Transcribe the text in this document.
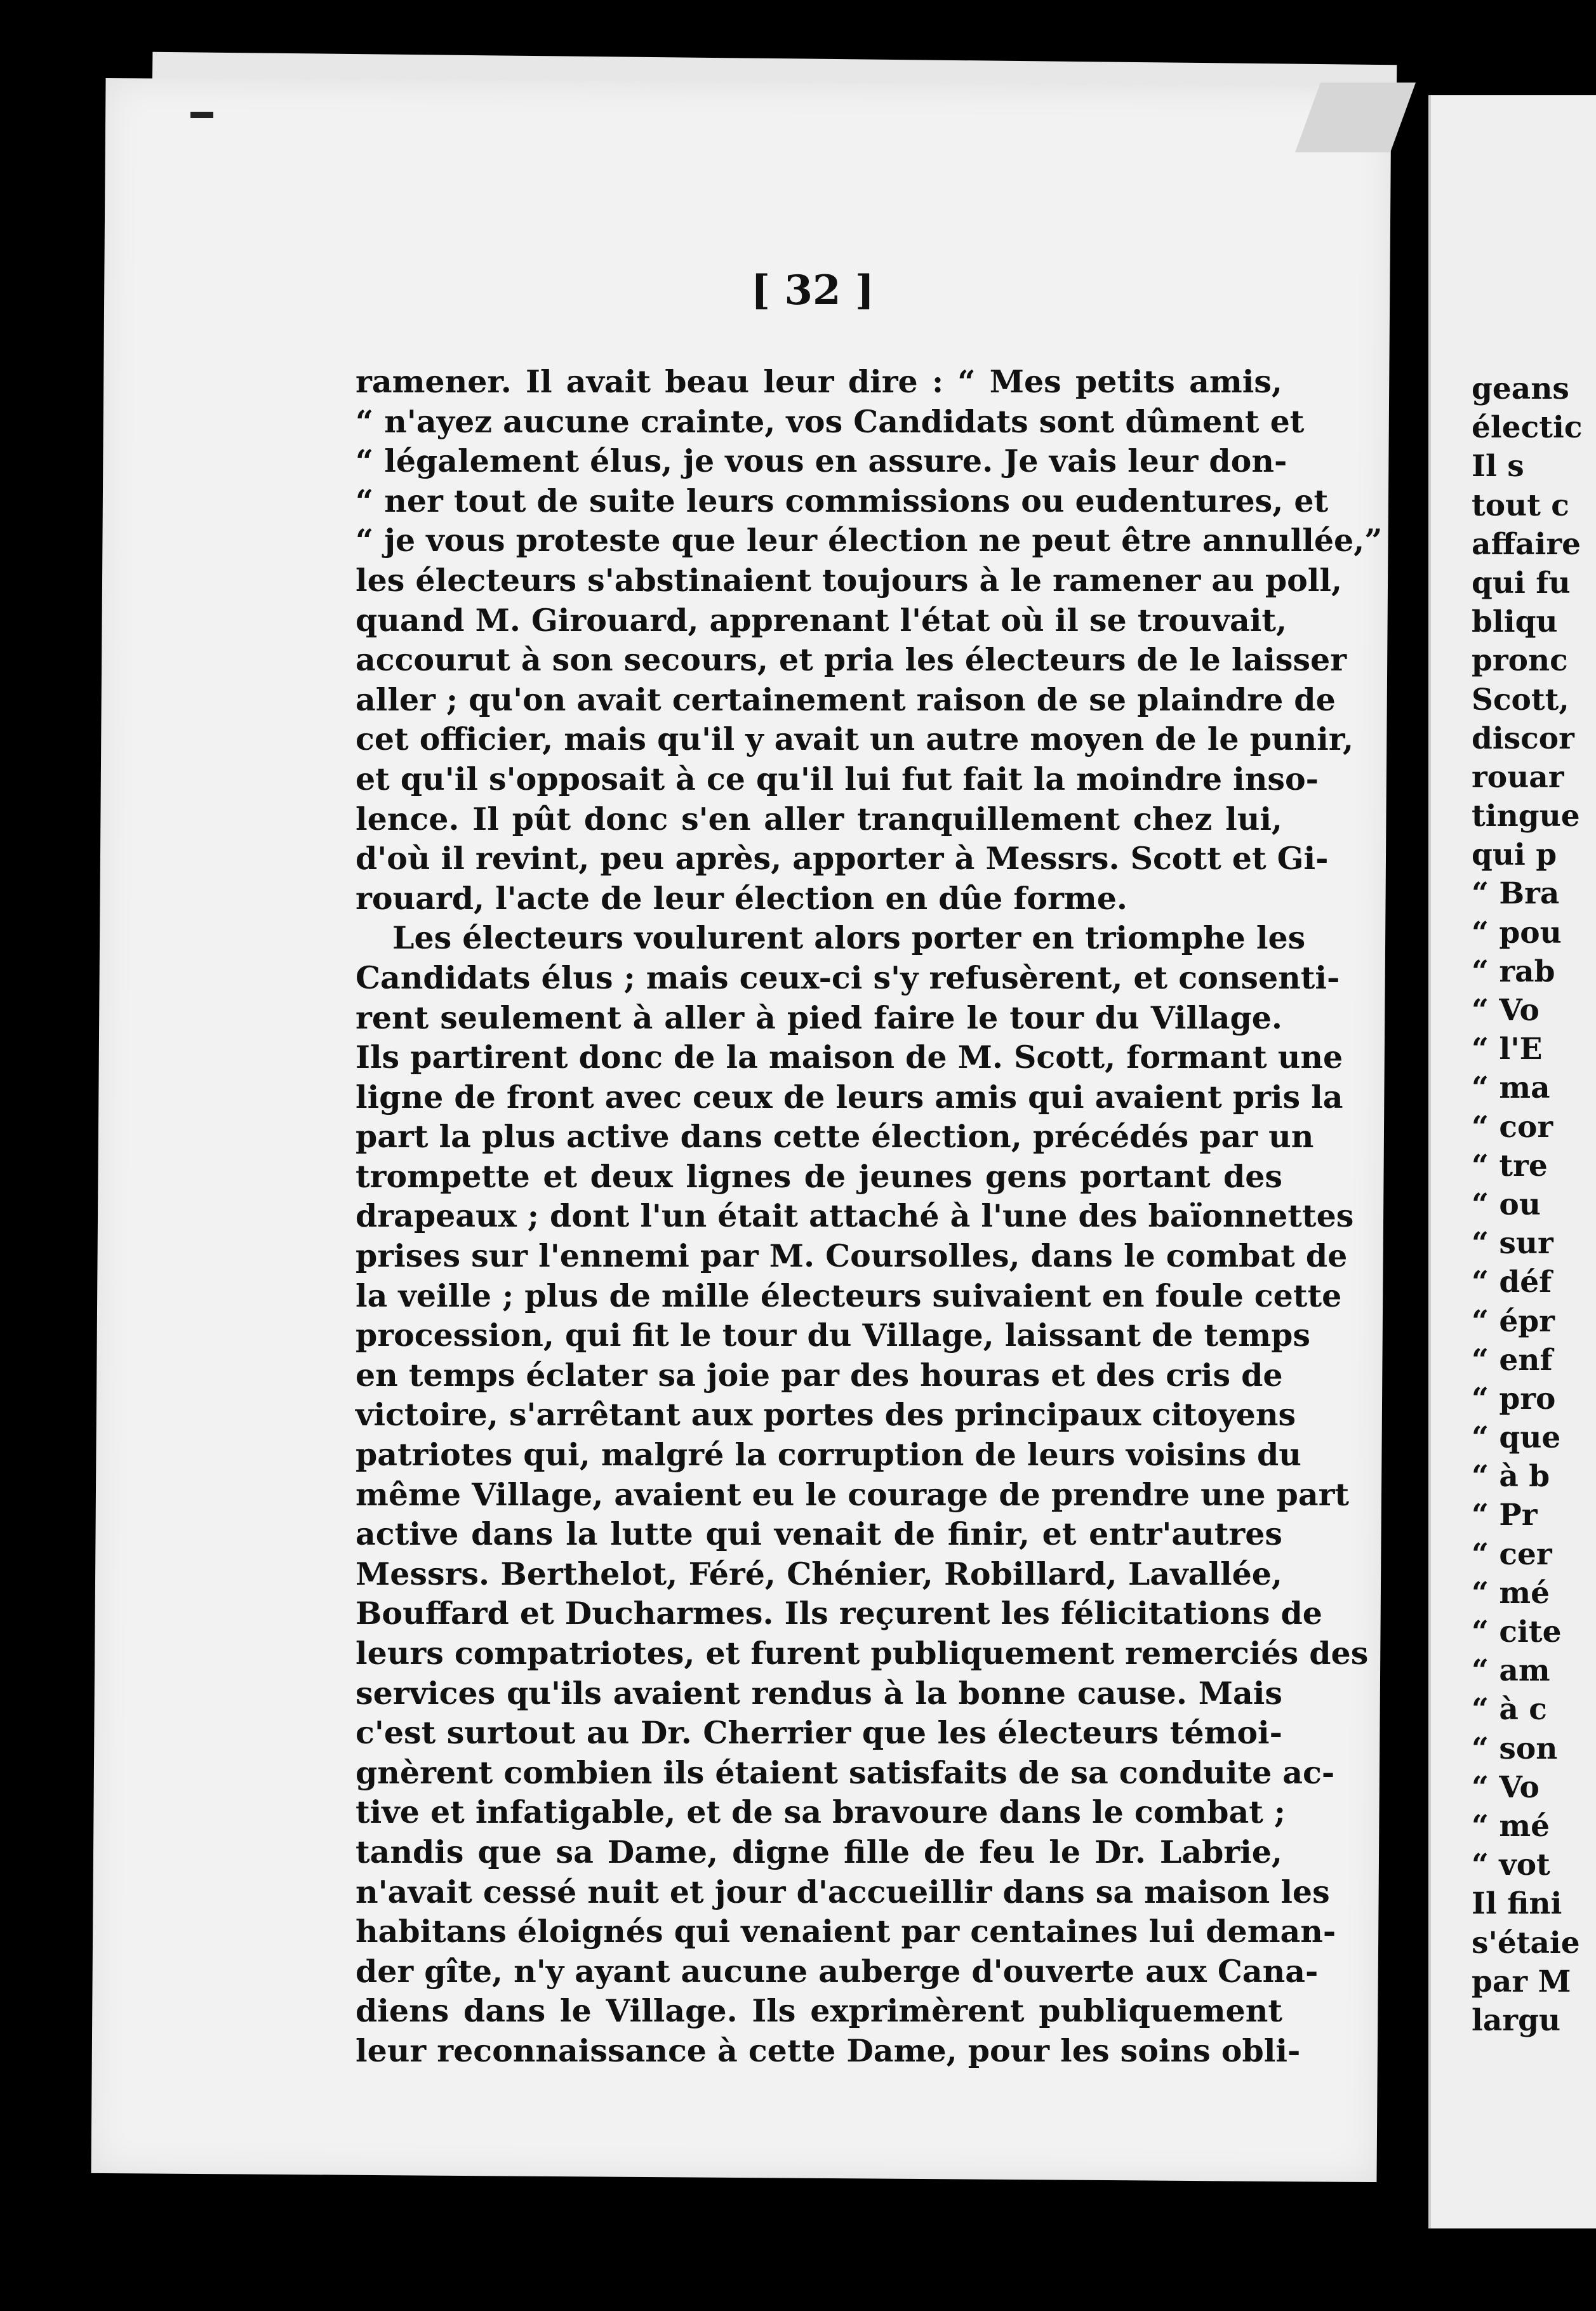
[ 32 ]
ramener. Il avait beau leur dire : “ Mes petits amis,
“ n'ayez aucune crainte, vos Candidats sont dûment et
“ légalement élus, je vous en assure. Je vais leur don-
“ ner tout de suite leurs commissions ou eudentures, et
“ je vous proteste que leur élection ne peut être annullée,”
les électeurs s'abstinaient toujours à le ramener au poll,
quand M. Girouard, apprenant l'état où il se trouvait,
accourut à son secours, et pria les électeurs de le laisser
aller ; qu'on avait certainement raison de se plaindre de
cet officier, mais qu'il y avait un autre moyen de le punir,
et qu'il s'opposait à ce qu'il lui fut fait la moindre inso-
lence. Il pût donc s'en aller tranquillement chez lui,
d'où il revint, peu après, apporter à Messrs. Scott et Gi-
rouard, l'acte de leur élection en dûe forme.
Les électeurs voulurent alors porter en triomphe les
Candidats élus ; mais ceux-ci s'y refusèrent, et consenti-
rent seulement à aller à pied faire le tour du Village.
Ils partirent donc de la maison de M. Scott, formant une
ligne de front avec ceux de leurs amis qui avaient pris la
part la plus active dans cette élection, précédés par un
trompette et deux lignes de jeunes gens portant des
drapeaux ; dont l'un était attaché à l'une des baïonnettes
prises sur l'ennemi par M. Coursolles, dans le combat de
la veille ; plus de mille électeurs suivaient en foule cette
procession, qui fit le tour du Village, laissant de temps
en temps éclater sa joie par des houras et des cris de
victoire, s'arrêtant aux portes des principaux citoyens
patriotes qui, malgré la corruption de leurs voisins du
même Village, avaient eu le courage de prendre une part
active dans la lutte qui venait de finir, et entr'autres
Messrs. Berthelot, Féré, Chénier, Robillard, Lavallée,
Bouffard et Ducharmes. Ils reçurent les félicitations de
leurs compatriotes, et furent publiquement remerciés des
services qu'ils avaient rendus à la bonne cause. Mais
c'est surtout au Dr. Cherrier que les électeurs témoi-
gnèrent combien ils étaient satisfaits de sa conduite ac-
tive et infatigable, et de sa bravoure dans le combat ;
tandis que sa Dame, digne fille de feu le Dr. Labrie,
n'avait cessé nuit et jour d'accueillir dans sa maison les
habitans éloignés qui venaient par centaines lui deman-
der gîte, n'y ayant aucune auberge d'ouverte aux Cana-
diens dans le Village. Ils exprimèrent publiquement
leur reconnaissance à cette Dame, pour les soins obli-
geans
électic
Il s
tout c
affaire
qui fu
bliqu
pronc
Scott,
discor
rouar
tingue
qui p
“ Bra
“ pou
“ rab
“ Vo
“ l'E
“ ma
“ cor
“ tre
“ ou
“ sur
“ déf
“ épr
“ enf
“ pro
“ que
“ à b
“ Pr
“ cer
“ mé
“ cite
“ am
“ à c
“ son
“ Vo
“ mé
“ vot
Il fini
s'étaie
par M
largu
